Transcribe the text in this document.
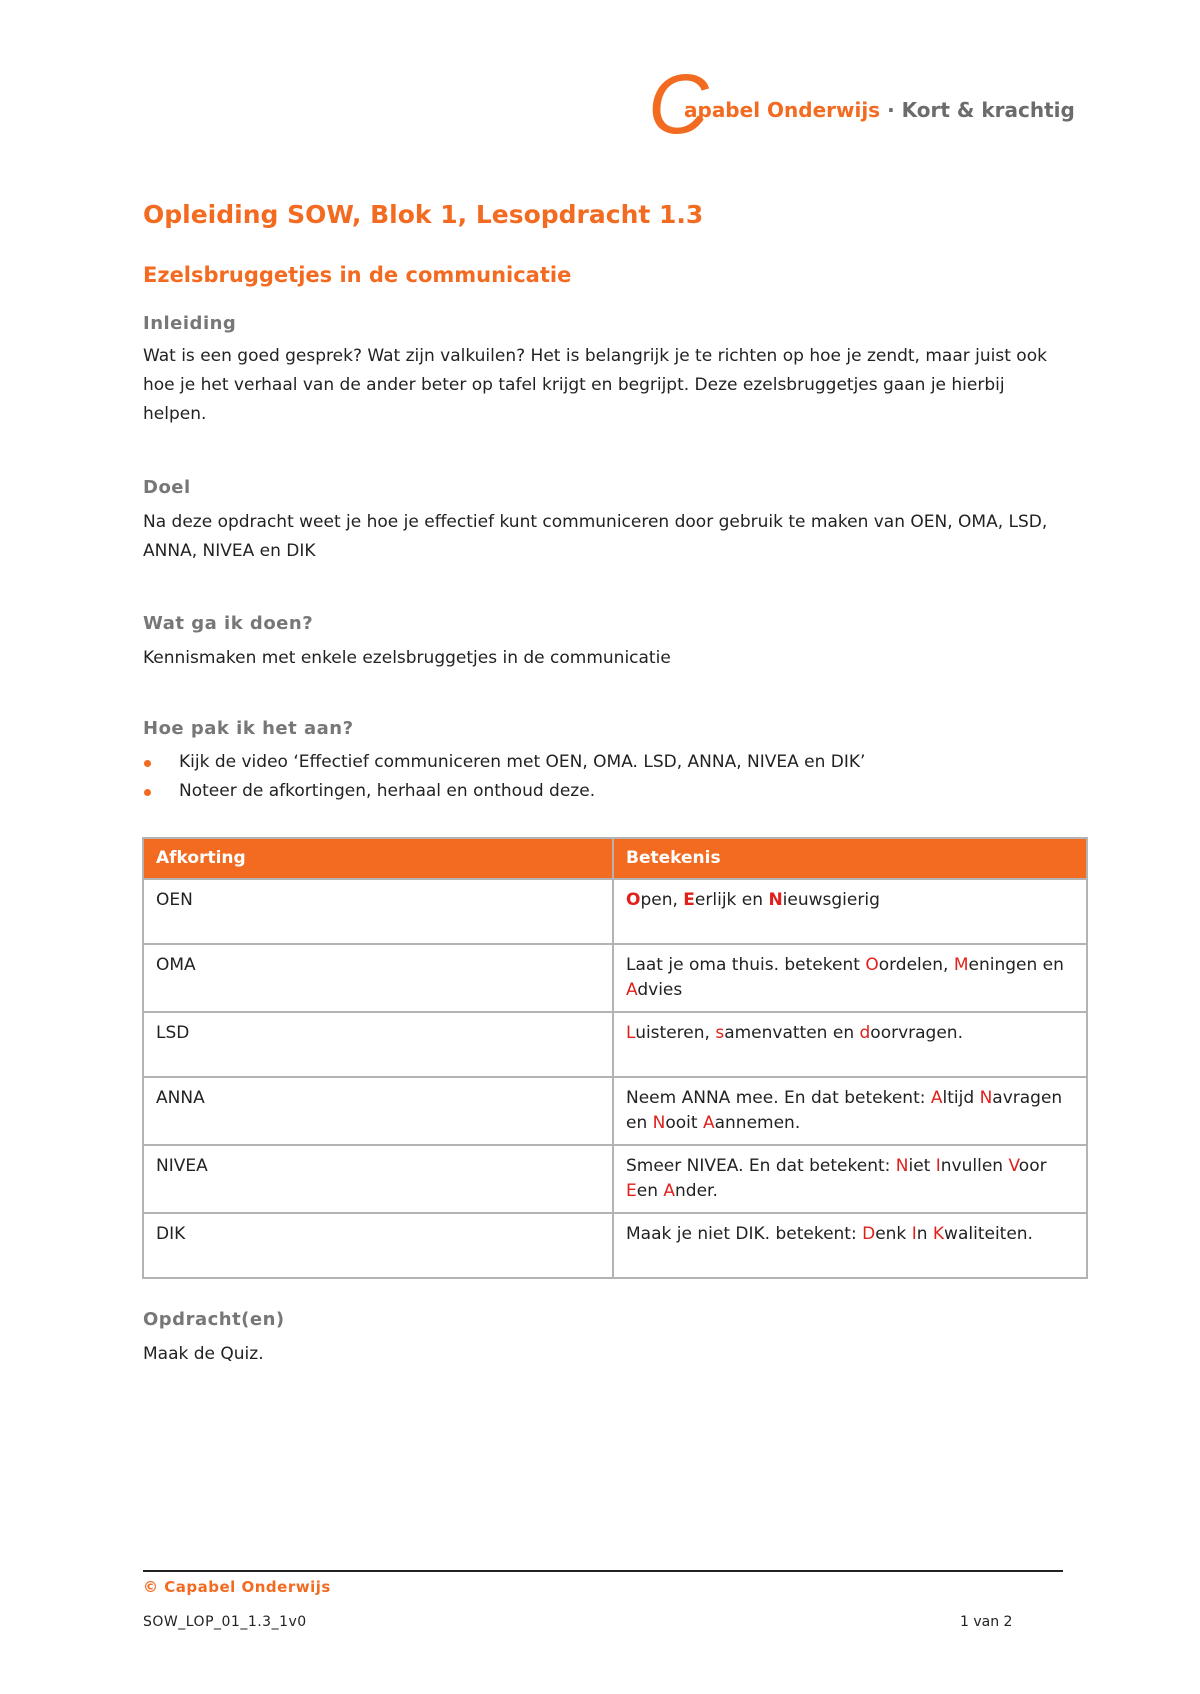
C
apabel Onderwijs · Kort & krachtig
Opleiding SOW, Blok 1, Lesopdracht 1.3
Ezelsbruggetjes in de communicatie
Inleiding

Wat is een goed gesprek? Wat zijn valkuilen? Het is belangrijk je te richten op hoe je zendt, maar juist ook hoe je het verhaal van de ander beter op tafel krijgt en begrijpt. Deze ezelsbruggetjes gaan je hierbij helpen.

Doel

Na deze opdracht weet je hoe je effectief kunt communiceren door gebruik te maken van OEN, OMA, LSD, ANNA, NIVEA en DIK

Wat ga ik doen?

Kennismaken met enkele ezelsbruggetjes in de communicatie

Hoe pak ik het aan?
Kijk de video ‘Effectief communiceren met OEN, OMA. LSD, ANNA, NIVEA en DIK’
Noteer de afkortingen, herhaal en onthoud deze.
Afkorting	Betekenis
OEN	Open, Eerlijk en Nieuwsgierig
OMA	Laat je oma thuis. betekent Oordelen, Meningen en Advies
LSD	Luisteren, samenvatten en doorvragen.
ANNA	Neem ANNA mee. En dat betekent: Altijd Navragen en Nooit Aannemen.
NIVEA	Smeer NIVEA. En dat betekent: Niet Invullen Voor Een Ander.
DIK	Maak je niet DIK. betekent: Denk In Kwaliteiten.
Opdracht(en)

Maak de Quiz.

© Capabel Onderwijs
SOW_LOP_01_1.3_1v0	1 van 2
